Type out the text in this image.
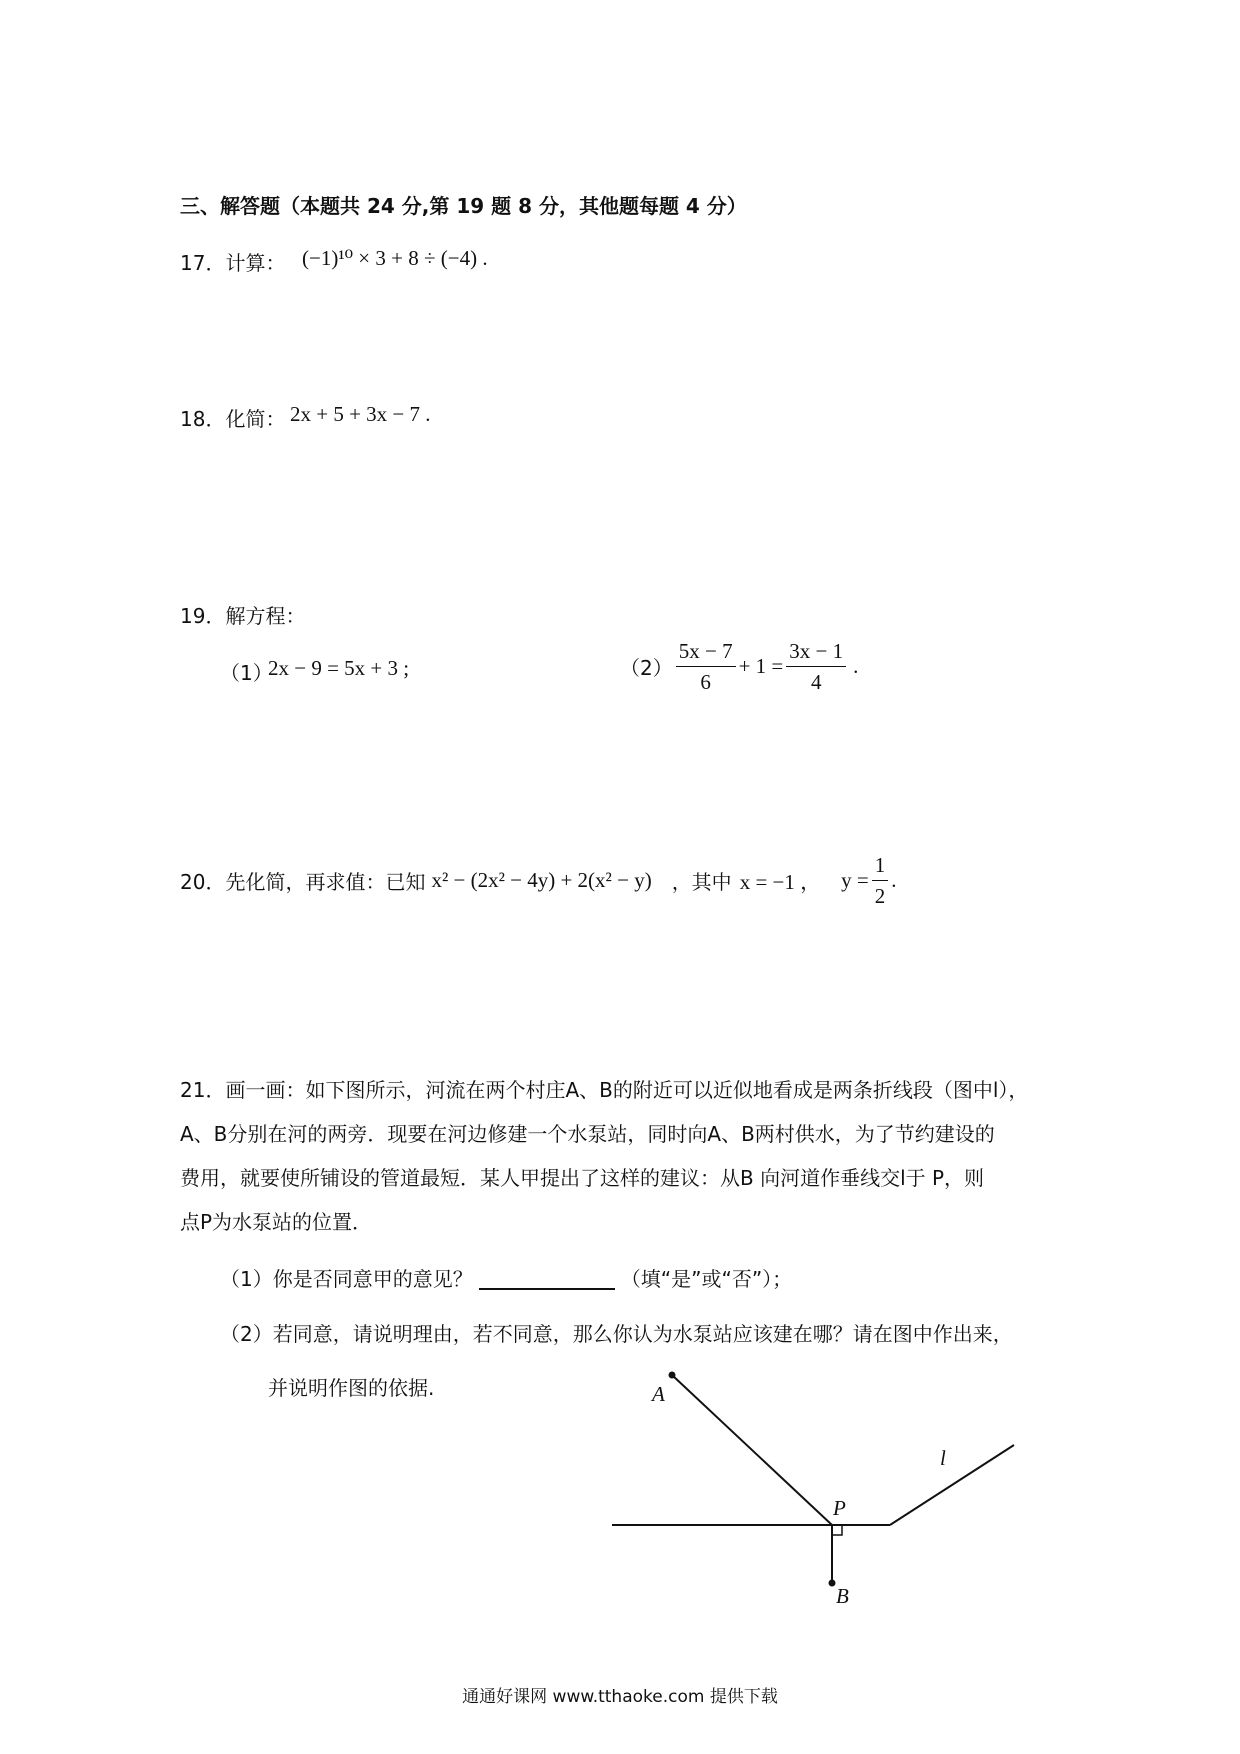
三、解答题（本题共 24 分,第 19 题 8 分，其他题每题 4 分）
17．计算： (−1)¹⁰ × 3 + 8 ÷ (−4) .
18．化简： 2x + 5 + 3x − 7 .
19．解方程：
（1）
2x − 9 = 5x + 3 ;	$(2) \frac{5x - 7}{6} + 1 = \frac{3x - 1}{4}$ .
20．先化简，再求值：已知 x² − (2x² − 4y) + 2(x² − y) ，其中 x = −1 ， $y = \frac{1}{2}$ .
21．画一画：如下图所示，河流在两个村庄A、B的附近可以近似地看成是两条折线段（图中l），
A、B分别在河的两旁．现要在河边修建一个水泵站，同时向A、B两村供水，为了节约建设的
费用，就要使所铺设的管道最短．某人甲提出了这样的建议：从B 向河道作垂线交l于 P，则
点P为水泵站的位置．
（1）你是否同意甲的意见？	（填“是”或“否”）；
（2）若同意，请说明理由，若不同意，那么你认为水泵站应该建在哪？请在图中作出来，
并说明作图的依据.	A
B
P
l
通通好课网 www.tthaoke.com 提供下载
